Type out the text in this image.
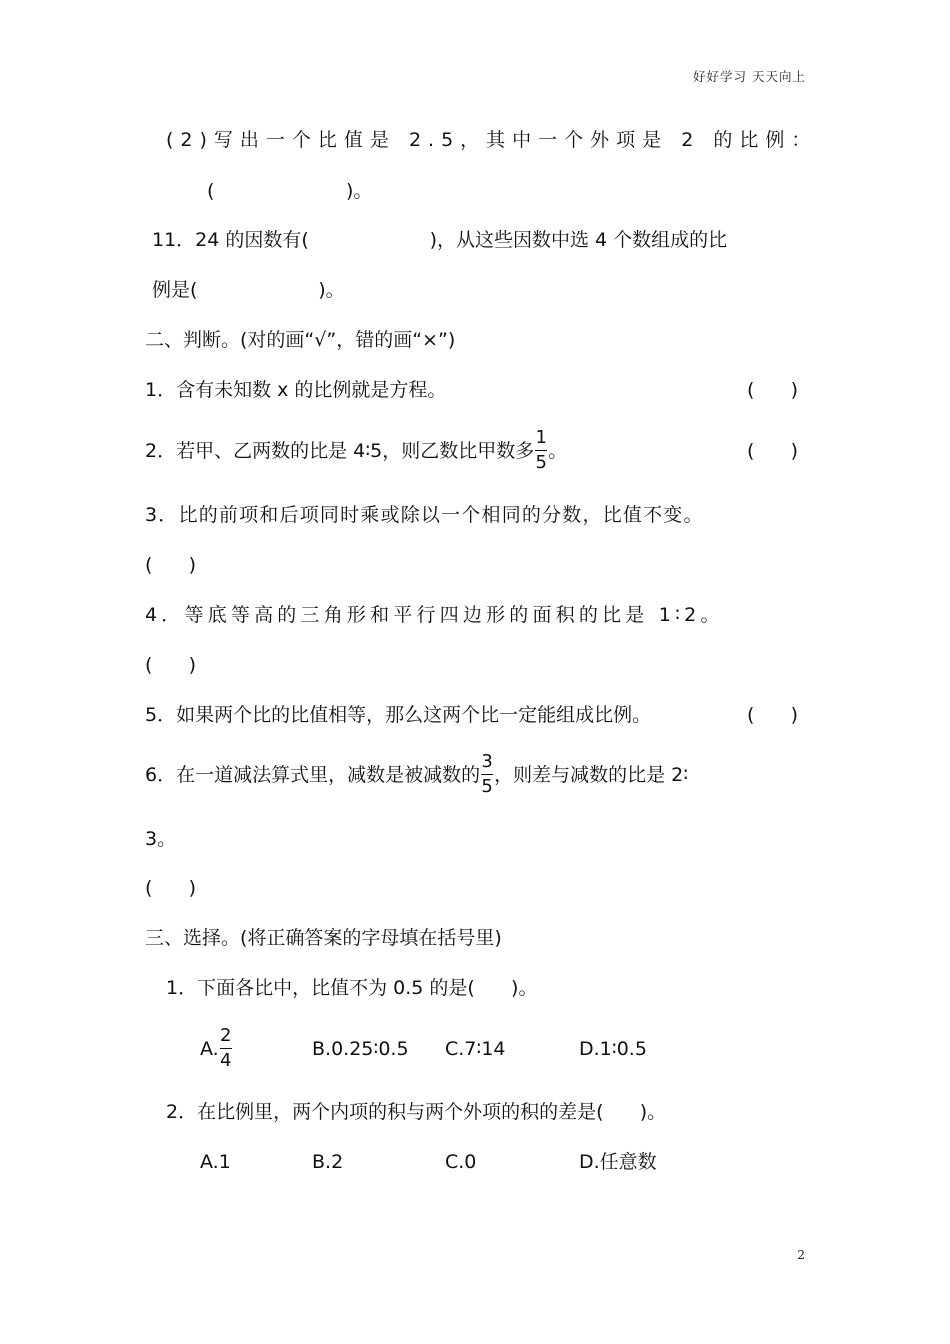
好好学习 天天向上
(2)写出一个比值是 2.5，其中一个外项是 2 的比例：
(	)。
11．24 的因数有(                    )，从这些因数中选 4 个数组成的比
例是(                    )。
二、判断。(对的画“√”，错的画“×”)
1．含有未知数 x 的比例就是方程。	(      )
2．若甲、乙两数的比是 4∶5，则乙数比甲数多 $\frac{1}{5}$ 。	(      )
3．比的前项和后项同时乘或除以一个相同的分数，比值不变。
(      )
4．等底等高的三角形和平行四边形的面积的比是 1∶2。
(      )
5．如果两个比的比值相等，那么这两个比一定能组成比例。	(      )
6．在一道减法算式里，减数是被减数的 $\frac{3}{5}$ ，则差与减数的比是 2∶
3。
(      )
三、选择。(将正确答案的字母填在括号里)
1．下面各比中，比值不为 0.5 的是(      )。
A. $\frac{2}{4}$	B.0.25∶0.5 C.7∶14	D.1∶0.5
2．在比例里，两个内项的积与两个外项的积的差是(      )。
A.1	B.2	C.0	D.任意数
2
